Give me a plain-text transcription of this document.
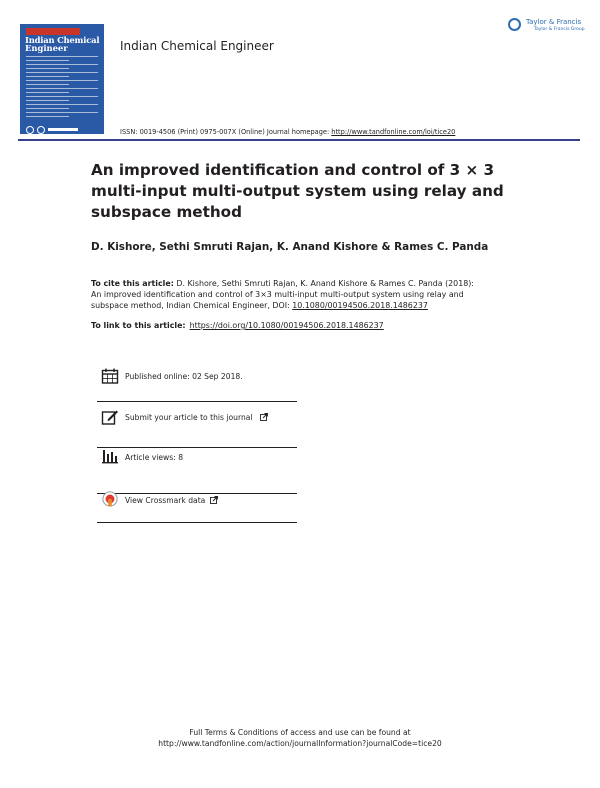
Indian Chemical
Engineer	Indian Chemical Engineer
Taylor & Francis
Taylor & Francis Group
ISSN: 0019-4506 (Print) 0975-007X (Online) Journal homepage: http://www.tandfonline.com/loi/tice20
An improved identification and control of 3 × 3
multi-input multi-output system using relay and
subspace method
D. Kishore, Sethi Smruti Rajan, K. Anand Kishore & Rames C. Panda
To cite this article: D. Kishore, Sethi Smruti Rajan, K. Anand Kishore & Rames C. Panda (2018):
An improved identification and control of 3×3 multi-input multi-output system using relay and
subspace method, Indian Chemical Engineer, DOI: 10.1080/00194506.2018.1486237
To link to this article: https://doi.org/10.1080/00194506.2018.1486237
Published online: 02 Sep 2018.
Submit your article to this journal
Article views: 8
View Crossmark data
Full Terms & Conditions of access and use can be found at
http://www.tandfonline.com/action/journalInformation?journalCode=tice20
